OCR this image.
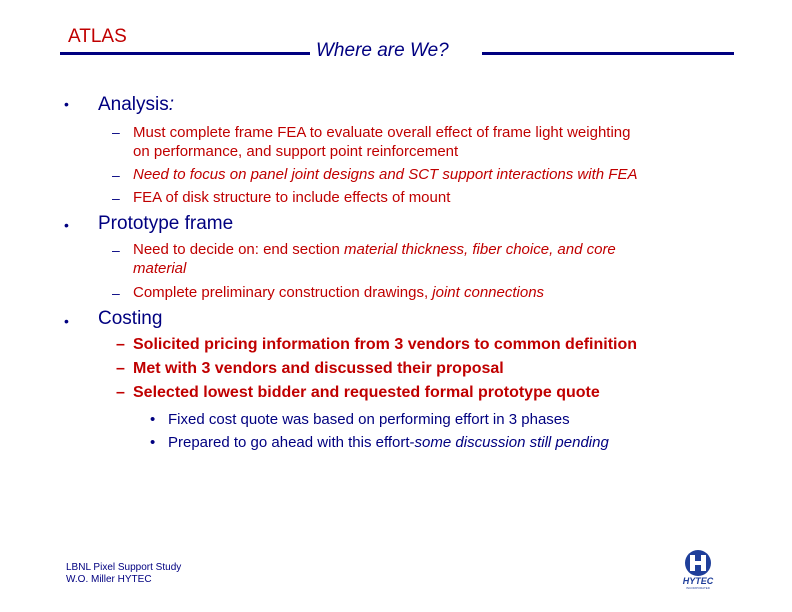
ATLAS
Where are We?
• Analysis:
– Must complete frame FEA to evaluate overall effect of frame light weighting
on performance, and support point reinforcement
– Need to focus on panel joint designs and SCT support interactions with FEA
– FEA of disk structure to include effects of mount
• Prototype frame
– Need to decide on: end section material thickness, fiber choice, and core
material
– Complete preliminary construction drawings, joint connections
• Costing
– Solicited pricing information from 3 vendors to common definition
– Met with 3 vendors and discussed their proposal
– Selected lowest bidder and requested formal prototype quote
• Fixed cost quote was based on performing effort in 3 phases
• Prepared to go ahead with this effort-some discussion still pending
LBNL Pixel Support Study
W.O. Miller HYTEC	HYTEC
INCORPORATED
